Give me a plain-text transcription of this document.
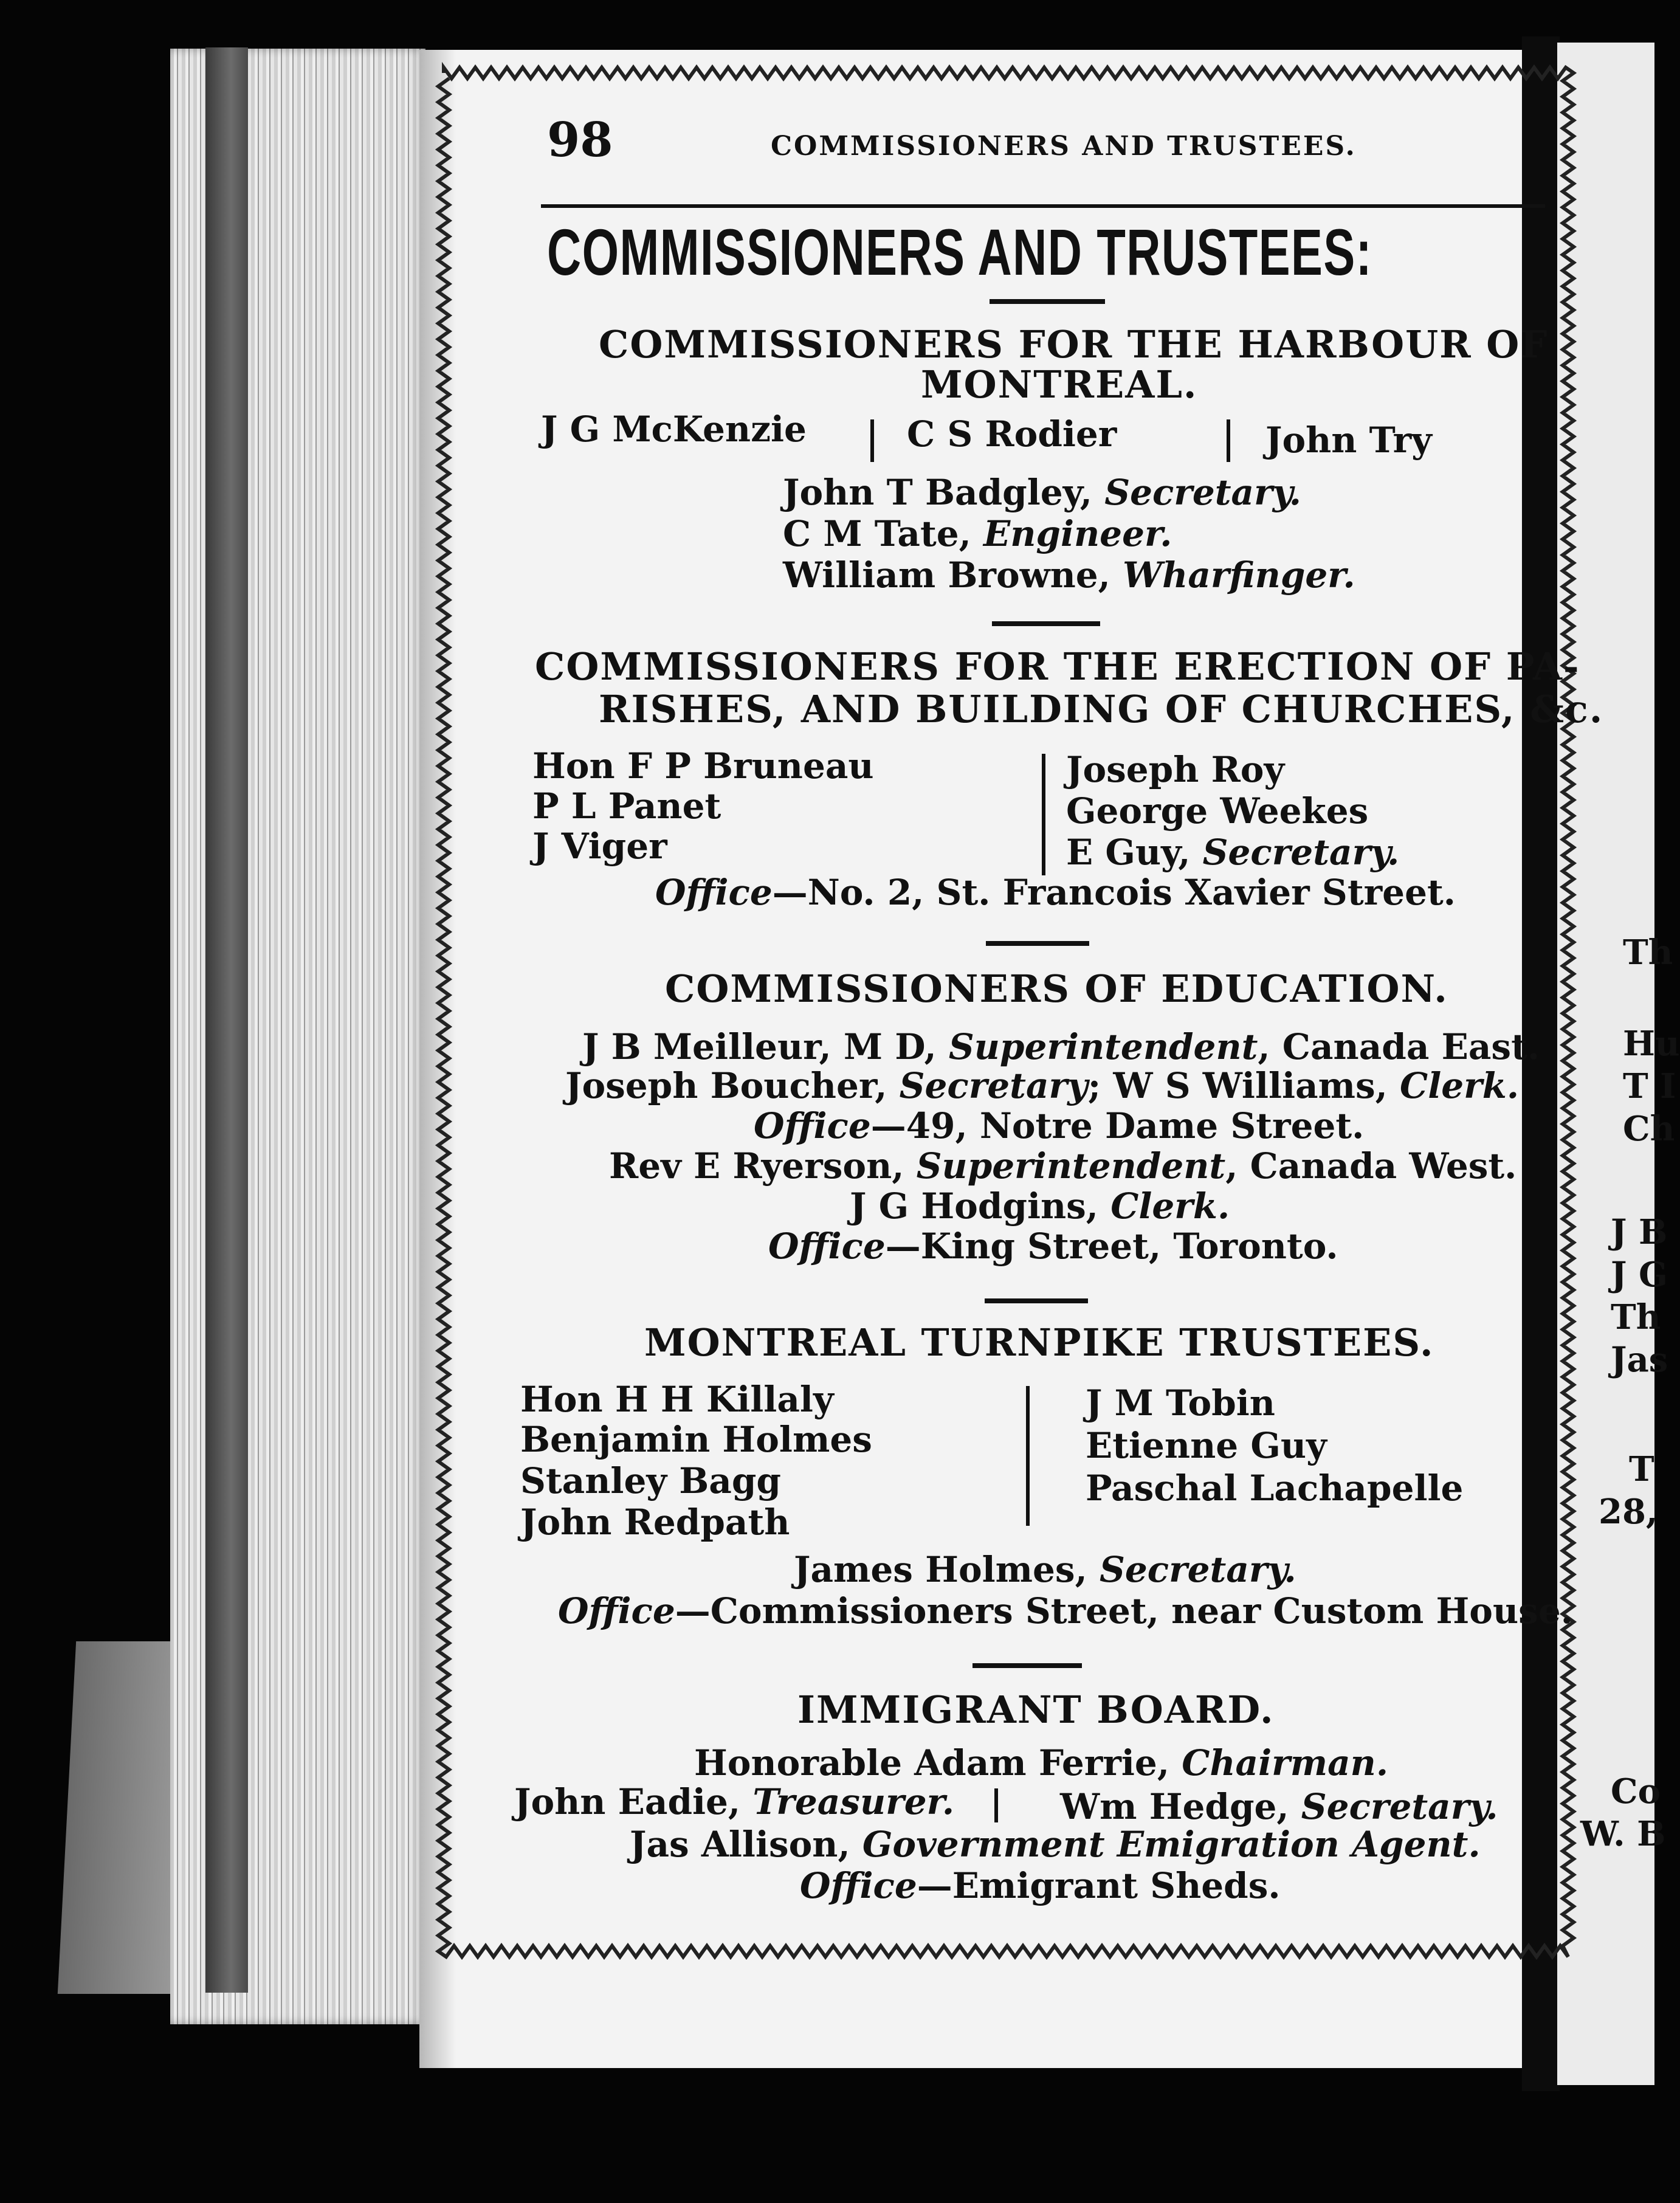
98	COMMISSIONERS AND TRUSTEES.
COMMISSIONERS AND TRUSTEES:
COMMISSIONERS FOR THE HARBOUR OF
MONTREAL.
J G McKenzie	C S Rodier	John Try
John T Badgley, Secretary.
C M Tate, Engineer.
William Browne, Wharfinger.
COMMISSIONERS FOR THE ERECTION OF PA-
RISHES, AND BUILDING OF CHURCHES, &c.
Hon F P Bruneau
P L Panet
J Viger
Joseph Roy
George Weekes
E Guy, Secretary.
Office—No. 2, St. Francois Xavier Street.
COMMISSIONERS OF EDUCATION.
J B Meilleur, M D, Superintendent, Canada East.
Joseph Boucher, Secretary; W S Williams, Clerk.
Office—49, Notre Dame Street.
Rev E Ryerson, Superintendent, Canada West.
J G Hodgins, Clerk.
Office—King Street, Toronto.
MONTREAL TURNPIKE TRUSTEES.
Hon H H Killaly
Benjamin Holmes
Stanley Bagg
John Redpath
J M Tobin
Etienne Guy
Paschal Lachapelle
James Holmes, Secretary.
Office—Commissioners Street, near Custom House.
IMMIGRANT BOARD.
Honorable Adam Ferrie, Chairman.
John Eadie, Treasurer.	Wm Hedge, Secretary.
Jas Allison, Government Emigration Agent.
Office—Emigrant Sheds.
Th
Hu
T I
Ch
J B
J G
Th
Jas
T
28,
Co
W. B
